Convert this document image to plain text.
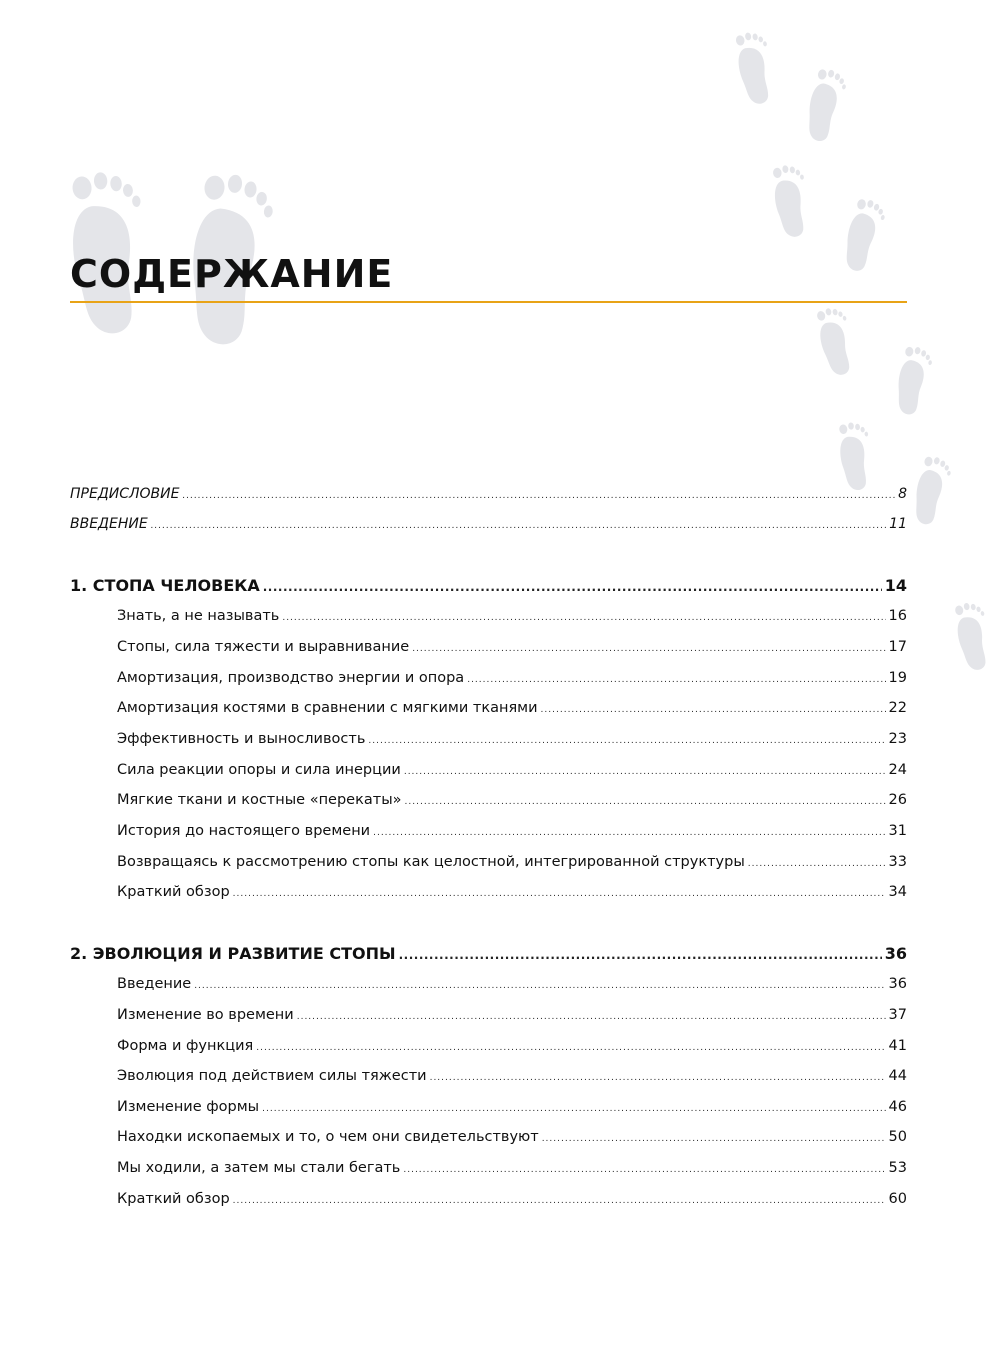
СОДЕРЖАНИЕ
ПРЕДИСЛОВИЕ .....	8
ВВЕДЕНИЕ .....	11
1. СТОПА ЧЕЛОВЕКА .....	14
Знать, а не называть .....	16
Стопы, сила тяжести и выравнивание .....	17
Амортизация, производство энергии и опора .....	19
Амортизация костями в сравнении с мягкими тканями .....	22
Эффективность и выносливость .....	23
Сила реакции опоры и сила инерции .....	24
Мягкие ткани и костные «перекаты» .....	26
История до настоящего времени .....	31
Возвращаясь к рассмотрению стопы как целостной, интегрированной структуры .....	33
Краткий обзор .....	34
2. ЭВОЛЮЦИЯ И РАЗВИТИЕ СТОПЫ .....	36
Введение .....	36
Изменение во времени .....	37
Форма и функция .....	41
Эволюция под действием силы тяжести .....	44
Изменение формы .....	46
Находки ископаемых и то, о чем они свидетельствуют .....	50
Мы ходили, а затем мы стали бегать .....	53
Краткий обзор .....	60
